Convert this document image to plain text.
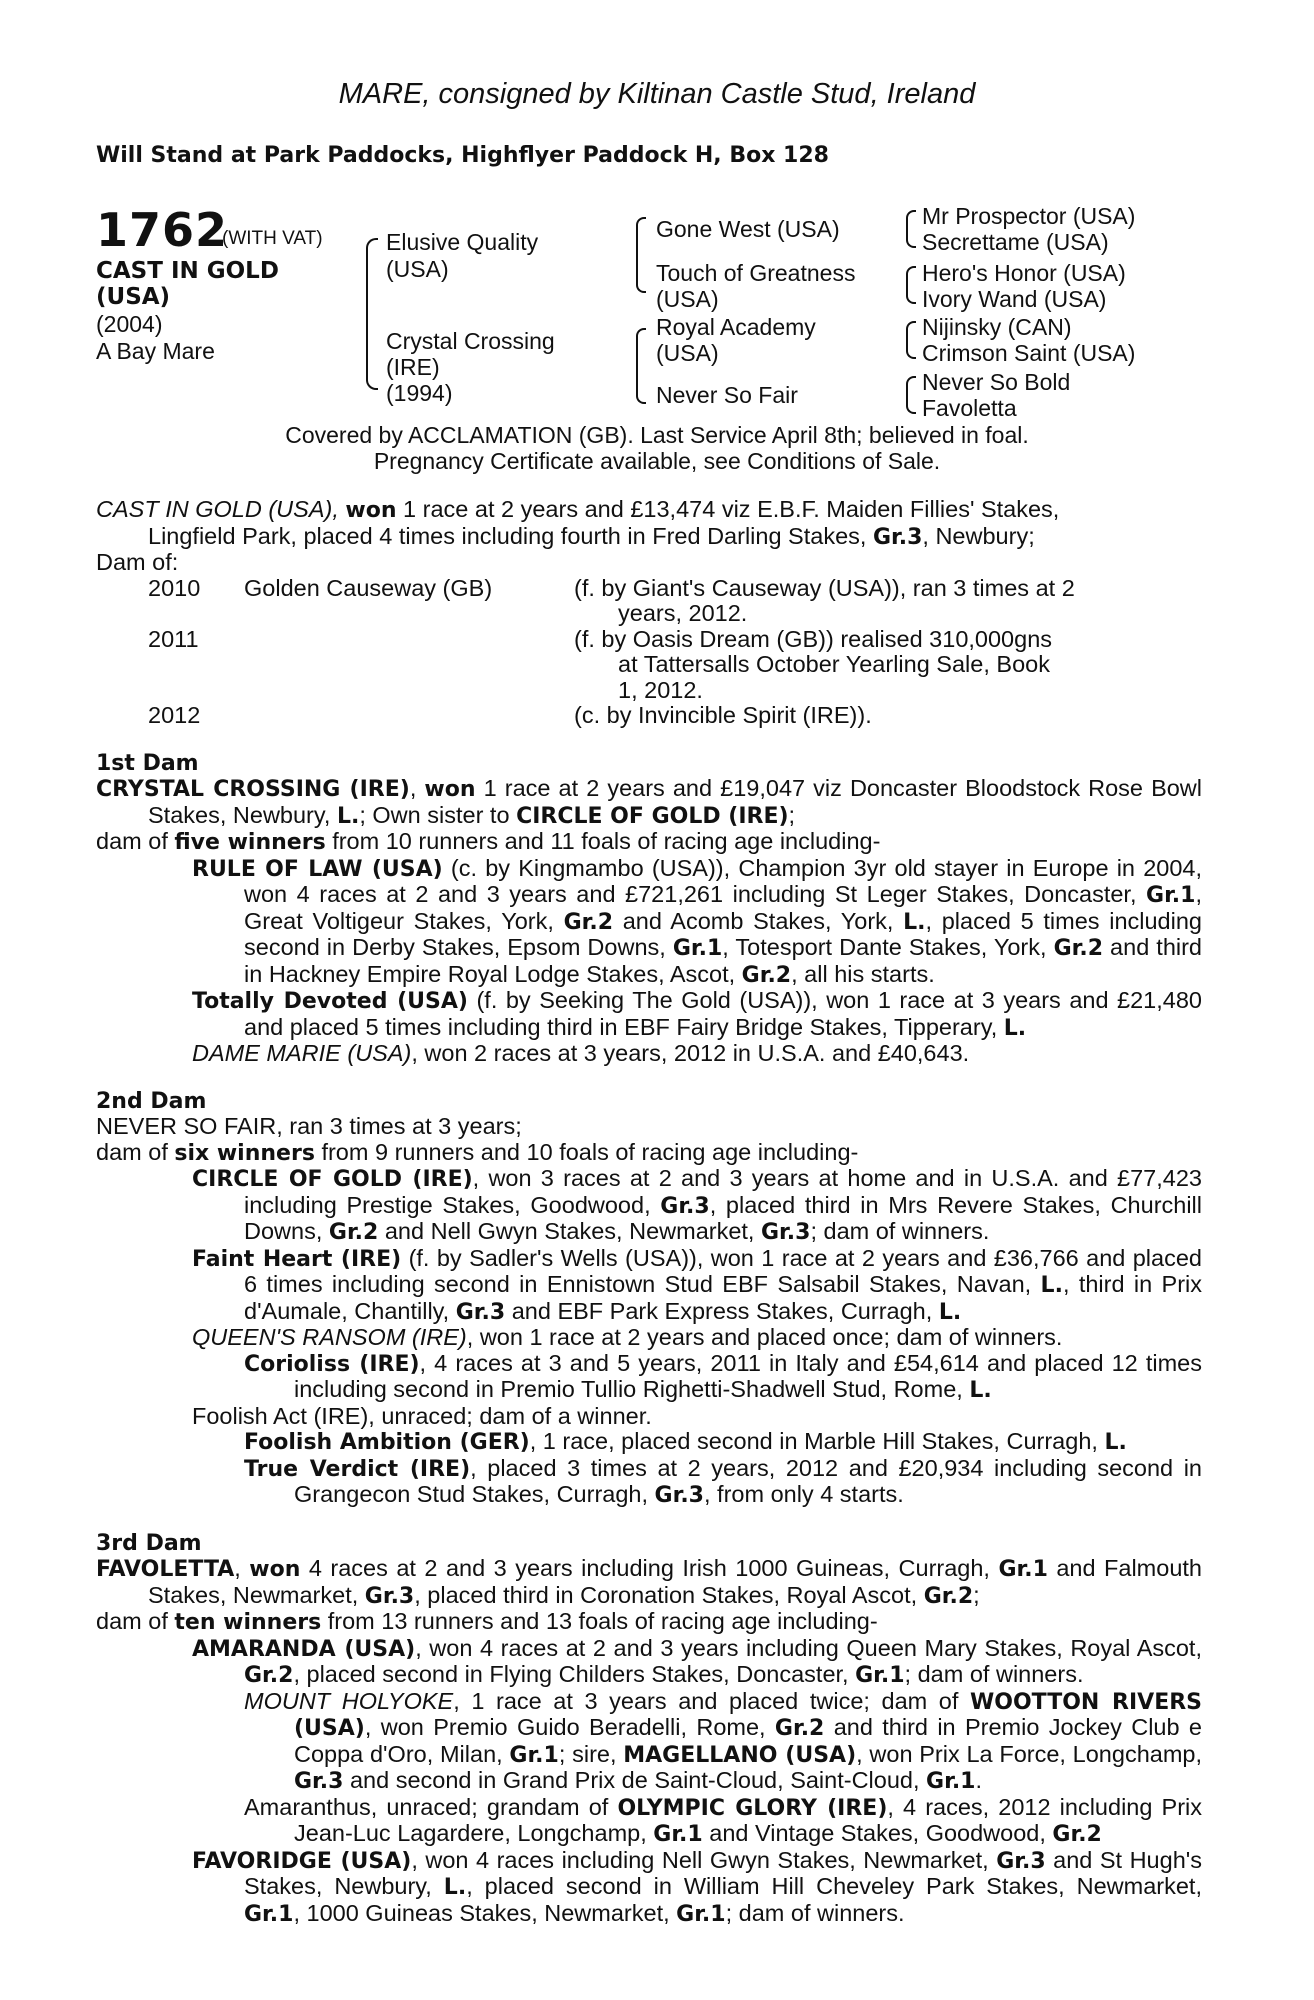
MARE, consigned by Kiltinan Castle Stud, Ireland
Will Stand at Park Paddocks, Highflyer Paddock H, Box 128
1762
(WITH VAT)
CAST IN GOLD
(USA)
(2004)
A Bay Mare
Elusive Quality
(USA)
Crystal Crossing
(IRE)
(1994)
Gone West (USA)
Touch of Greatness
(USA)
Royal Academy
(USA)
Never So Fair
Mr Prospector (USA)
Secrettame (USA)
Hero's Honor (USA)
Ivory Wand (USA)
Nijinsky (CAN)
Crimson Saint (USA)
Never So Bold
Favoletta
Covered by ACCLAMATION (GB). Last Service April 8th; believed in foal.
Pregnancy Certificate available, see Conditions of Sale.
CAST IN GOLD (USA), won 1 race at 2 years and £13,474 viz E.B.F. Maiden Fillies' Stakes,
Lingfield Park, placed 4 times including fourth in Fred Darling Stakes, Gr.3, Newbury;
Dam of:
2010 Golden Causeway (GB)	(f. by Giant's Causeway (USA)), ran 3 times at 2
years, 2012.
2011	(f. by Oasis Dream (GB)) realised 310,000gns
at Tattersalls October Yearling Sale, Book
1, 2012.
2012	(c. by Invincible Spirit (IRE)).
1st Dam
CRYSTAL CROSSING (IRE), won 1 race at 2 years and £19,047 viz Doncaster Bloodstock Rose Bowl Stakes, Newbury, L.; Own sister to CIRCLE OF GOLD (IRE);
dam of five winners from 10 runners and 11 foals of racing age including-
RULE OF LAW (USA) (c. by Kingmambo (USA)), Champion 3yr old stayer in Europe in 2004, won 4 races at 2 and 3 years and £721,261 including St Leger Stakes, Doncaster, Gr.1, Great Voltigeur Stakes, York, Gr.2 and Acomb Stakes, York, L., placed 5 times including second in Derby Stakes, Epsom Downs, Gr.1, Totesport Dante Stakes, York, Gr.2 and third in Hackney Empire Royal Lodge Stakes, Ascot, Gr.2, all his starts.
Totally Devoted (USA) (f. by Seeking The Gold (USA)), won 1 race at 3 years and £21,480 and placed 5 times including third in EBF Fairy Bridge Stakes, Tipperary, L.
DAME MARIE (USA), won 2 races at 3 years, 2012 in U.S.A. and £40,643.
2nd Dam
NEVER SO FAIR, ran 3 times at 3 years;
dam of six winners from 9 runners and 10 foals of racing age including-
CIRCLE OF GOLD (IRE), won 3 races at 2 and 3 years at home and in U.S.A. and £77,423 including Prestige Stakes, Goodwood, Gr.3, placed third in Mrs Revere Stakes, Churchill Downs, Gr.2 and Nell Gwyn Stakes, Newmarket, Gr.3; dam of winners.
Faint Heart (IRE) (f. by Sadler's Wells (USA)), won 1 race at 2 years and £36,766 and placed 6 times including second in Ennistown Stud EBF Salsabil Stakes, Navan, L., third in Prix d'Aumale, Chantilly, Gr.3 and EBF Park Express Stakes, Curragh, L.
QUEEN'S RANSOM (IRE), won 1 race at 2 years and placed once; dam of winners.
Corioliss (IRE), 4 races at 3 and 5 years, 2011 in Italy and £54,614 and placed 12 times including second in Premio Tullio Righetti-Shadwell Stud, Rome, L.
Foolish Act (IRE), unraced; dam of a winner.
Foolish Ambition (GER), 1 race, placed second in Marble Hill Stakes, Curragh, L.
True Verdict (IRE), placed 3 times at 2 years, 2012 and £20,934 including second in Grangecon Stud Stakes, Curragh, Gr.3, from only 4 starts.
3rd Dam
FAVOLETTA, won 4 races at 2 and 3 years including Irish 1000 Guineas, Curragh, Gr.1 and Falmouth Stakes, Newmarket, Gr.3, placed third in Coronation Stakes, Royal Ascot, Gr.2;
dam of ten winners from 13 runners and 13 foals of racing age including-
AMARANDA (USA), won 4 races at 2 and 3 years including Queen Mary Stakes, Royal Ascot, Gr.2, placed second in Flying Childers Stakes, Doncaster, Gr.1; dam of winners.
MOUNT HOLYOKE, 1 race at 3 years and placed twice; dam of WOOTTON RIVERS (USA), won Premio Guido Beradelli, Rome, Gr.2 and third in Premio Jockey Club e Coppa d'Oro, Milan, Gr.1; sire, MAGELLANO (USA), won Prix La Force, Longchamp, Gr.3 and second in Grand Prix de Saint-Cloud, Saint-Cloud, Gr.1.
Amaranthus, unraced; grandam of OLYMPIC GLORY (IRE), 4 races, 2012 including Prix Jean-Luc Lagardere, Longchamp, Gr.1 and Vintage Stakes, Goodwood, Gr.2
FAVORIDGE (USA), won 4 races including Nell Gwyn Stakes, Newmarket, Gr.3 and St Hugh's Stakes, Newbury, L., placed second in William Hill Cheveley Park Stakes, Newmarket, Gr.1, 1000 Guineas Stakes, Newmarket, Gr.1; dam of winners.
